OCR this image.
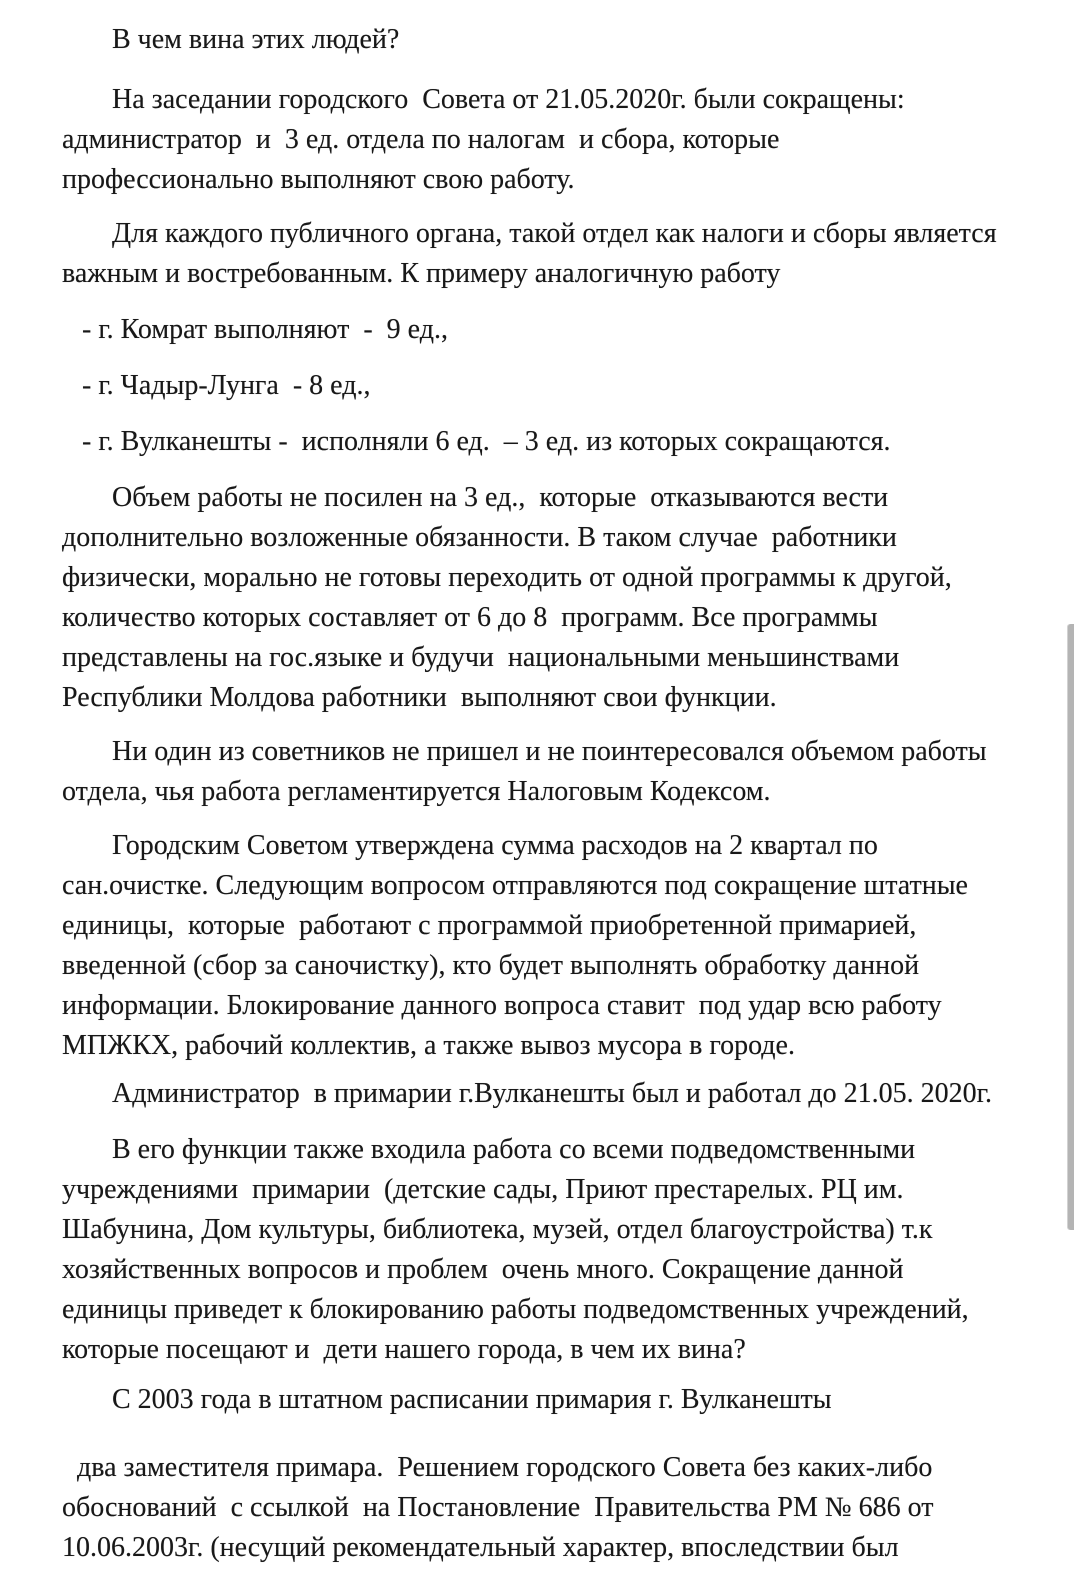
В чем вина этих людей?

На заседании городского  Совета от 21.05.2020г. были сокращены:
администратор  и  3 ед. отдела по налогам  и сбора, которые
профессионально выполняют свою работу.

Для каждого публичного органа, такой отдел как налоги и сборы является
важным и востребованным. К примеру аналогичную работу

- г. Комрат выполняют  -  9 ед.,

- г. Чадыр-Лунга  - 8 ед.,

- г. Вулканешты -  исполняли 6 ед.  – 3 ед. из которых сокращаются.

Объем работы не посилен на 3 ед.,  которые  отказываются вести
дополнительно возложенные обязанности. В таком случае  работники
физически, морально не готовы переходить от одной программы к другой,
количество которых составляет от 6 до 8  программ. Все программы
представлены на гос.языке и будучи  национальными меньшинствами
Республики Молдова работники  выполняют свои функции.

Ни один из советников не пришел и не поинтересовался объемом работы
отдела, чья работа регламентируется Налоговым Кодексом.

Городским Советом утверждена сумма расходов на 2 квартал по
сан.очистке. Следующим вопросом отправляются под сокращение штатные
единицы,  которые  работают с программой приобретенной примарией,
введенной (сбор за саночистку), кто будет выполнять обработку данной
информации. Блокирование данного вопроса ставит  под удар всю работу
МПЖКХ, рабочий коллектив, а также вывоз мусора в городе.

Администратор  в примарии г.Вулканешты был и работал до 21.05. 2020г.

В его функции также входила работа со всеми подведомственными
учреждениями  примарии  (детские сады, Приют престарелых. РЦ им.
Шабунина, Дом культуры, библиотека, музей, отдел благоустройства) т.к
хозяйственных вопросов и проблем  очень много. Сокращение данной
единицы приведет к блокированию работы подведомственных учреждений,
которые посещают и  дети нашего города, в чем их вина?

С 2003 года в штатном расписании примария г. Вулканешты

два заместителя примара.  Решением городского Совета без каких-либо
обоснований  с ссылкой  на Постановление  Правительства РМ № 686 от
10.06.2003г. (несущий рекомендательный характер, впоследствии был
